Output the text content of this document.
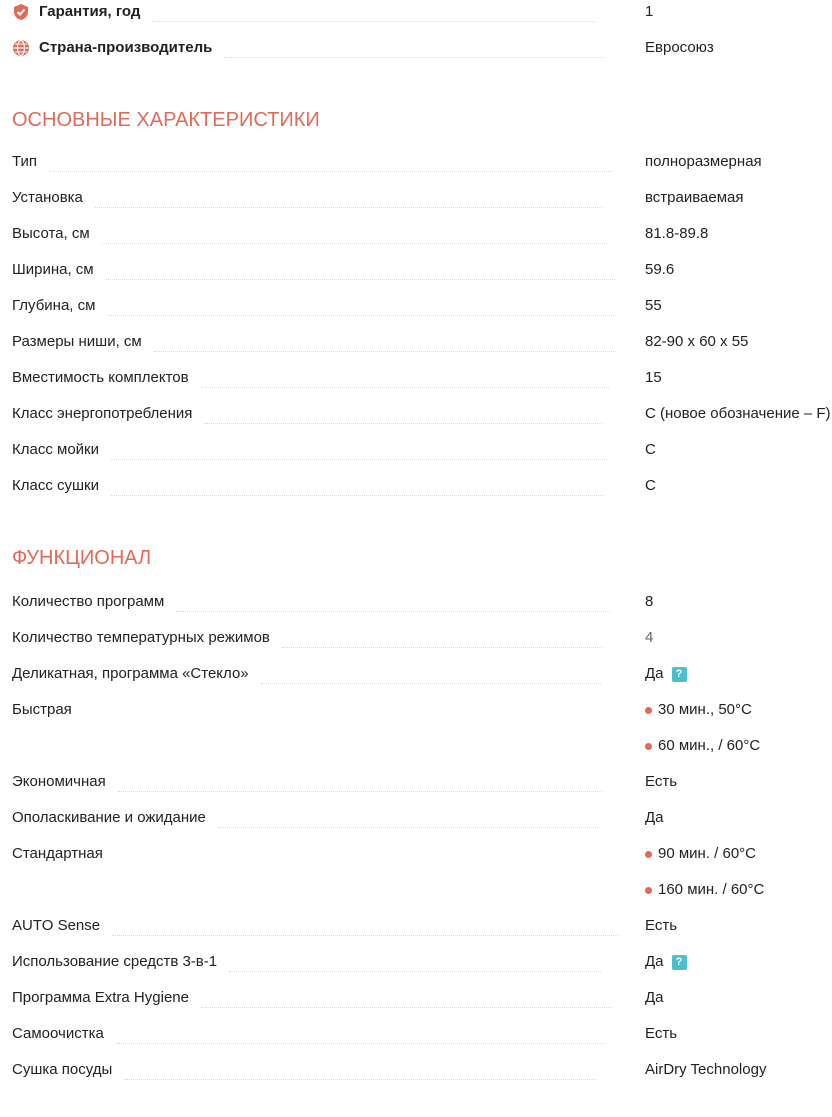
Гарантия, год	1
Страна-производитель	Евросоюз
ОСНОВНЫЕ ХАРАКТЕРИСТИКИ
Тип	полноразмерная
Установка	встраиваемая
Высота, см	81.8-89.8
Ширина, см	59.6
Глубина, см	55
Размеры ниши, см	82-90 х 60 х 55
Вместимость комплектов	15
Класс энергопотребления	С (новое обозначение – F)
Класс мойки	С
Класс сушки	С
ФУНКЦИОНАЛ
Количество программ	8
Количество температурных режимов	4
Деликатная, программа «Стекло»	Да	?
Быстрая	30 мин., 50°С
60 мин., / 60°С
Экономичная	Есть
Ополаскивание и ожидание	Да
Стандартная	90 мин. / 60°С
160 мин. / 60°С
AUTO Sense	Есть
Использование средств 3-в-1	Да	?
Программа Extra Hygiene	Да
Самоочистка	Есть
Сушка посуды	AirDry Technology
